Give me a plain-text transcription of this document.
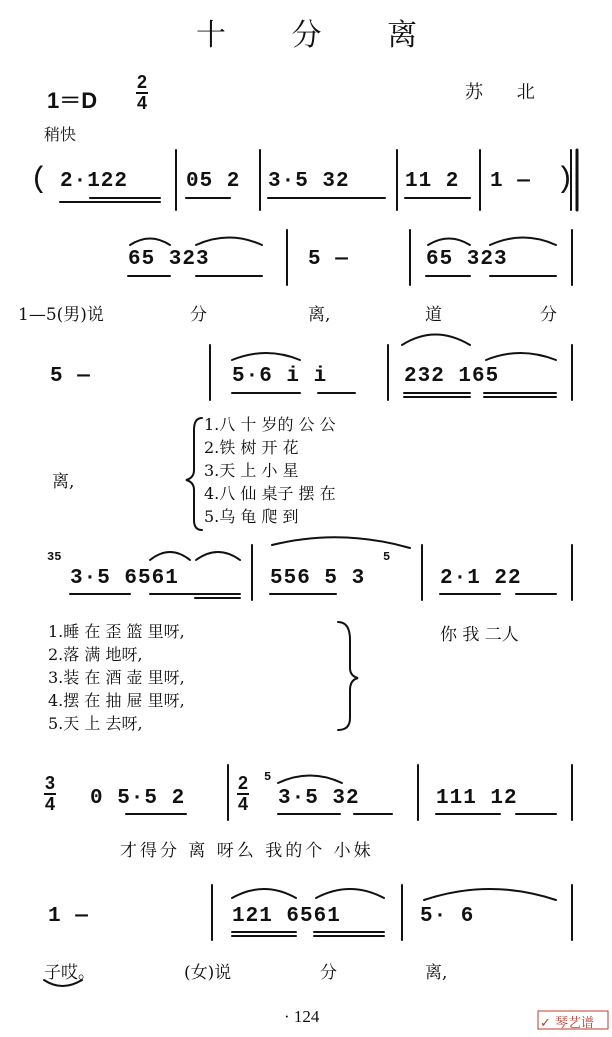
十 分 离
1＝D
2
4	苏 北
稍快
( 2·122	05 2 3·5 32	11 2 1 — )
65 323	5 —	65 323
1—5(男)说	分	离,	道	分
5 —	5·6 i i	232 165
离,
1.八 十 岁的 公 公
2.铁 树 开 花
3.天 上 小 星
4.八 仙 桌子 摆 在
5.乌 龟 爬 到
35
3·5 6561	556 5 3
5
2·1 22
1.睡 在 歪 篮 里呀,
2.落 满 地呀,
3.装 在 酒 壶 里呀,
4.摆 在 抽 屉 里呀,
5.天 上 去呀,
你 我 二人
3
4 0 5·5 2
2
4
5
3·5 32	111 12
才得分 离 呀么 我的个 小妹
1 —	121 6561	5· 6
子哎。	(女)说	分	离,
· 124	✓ 琴艺谱
